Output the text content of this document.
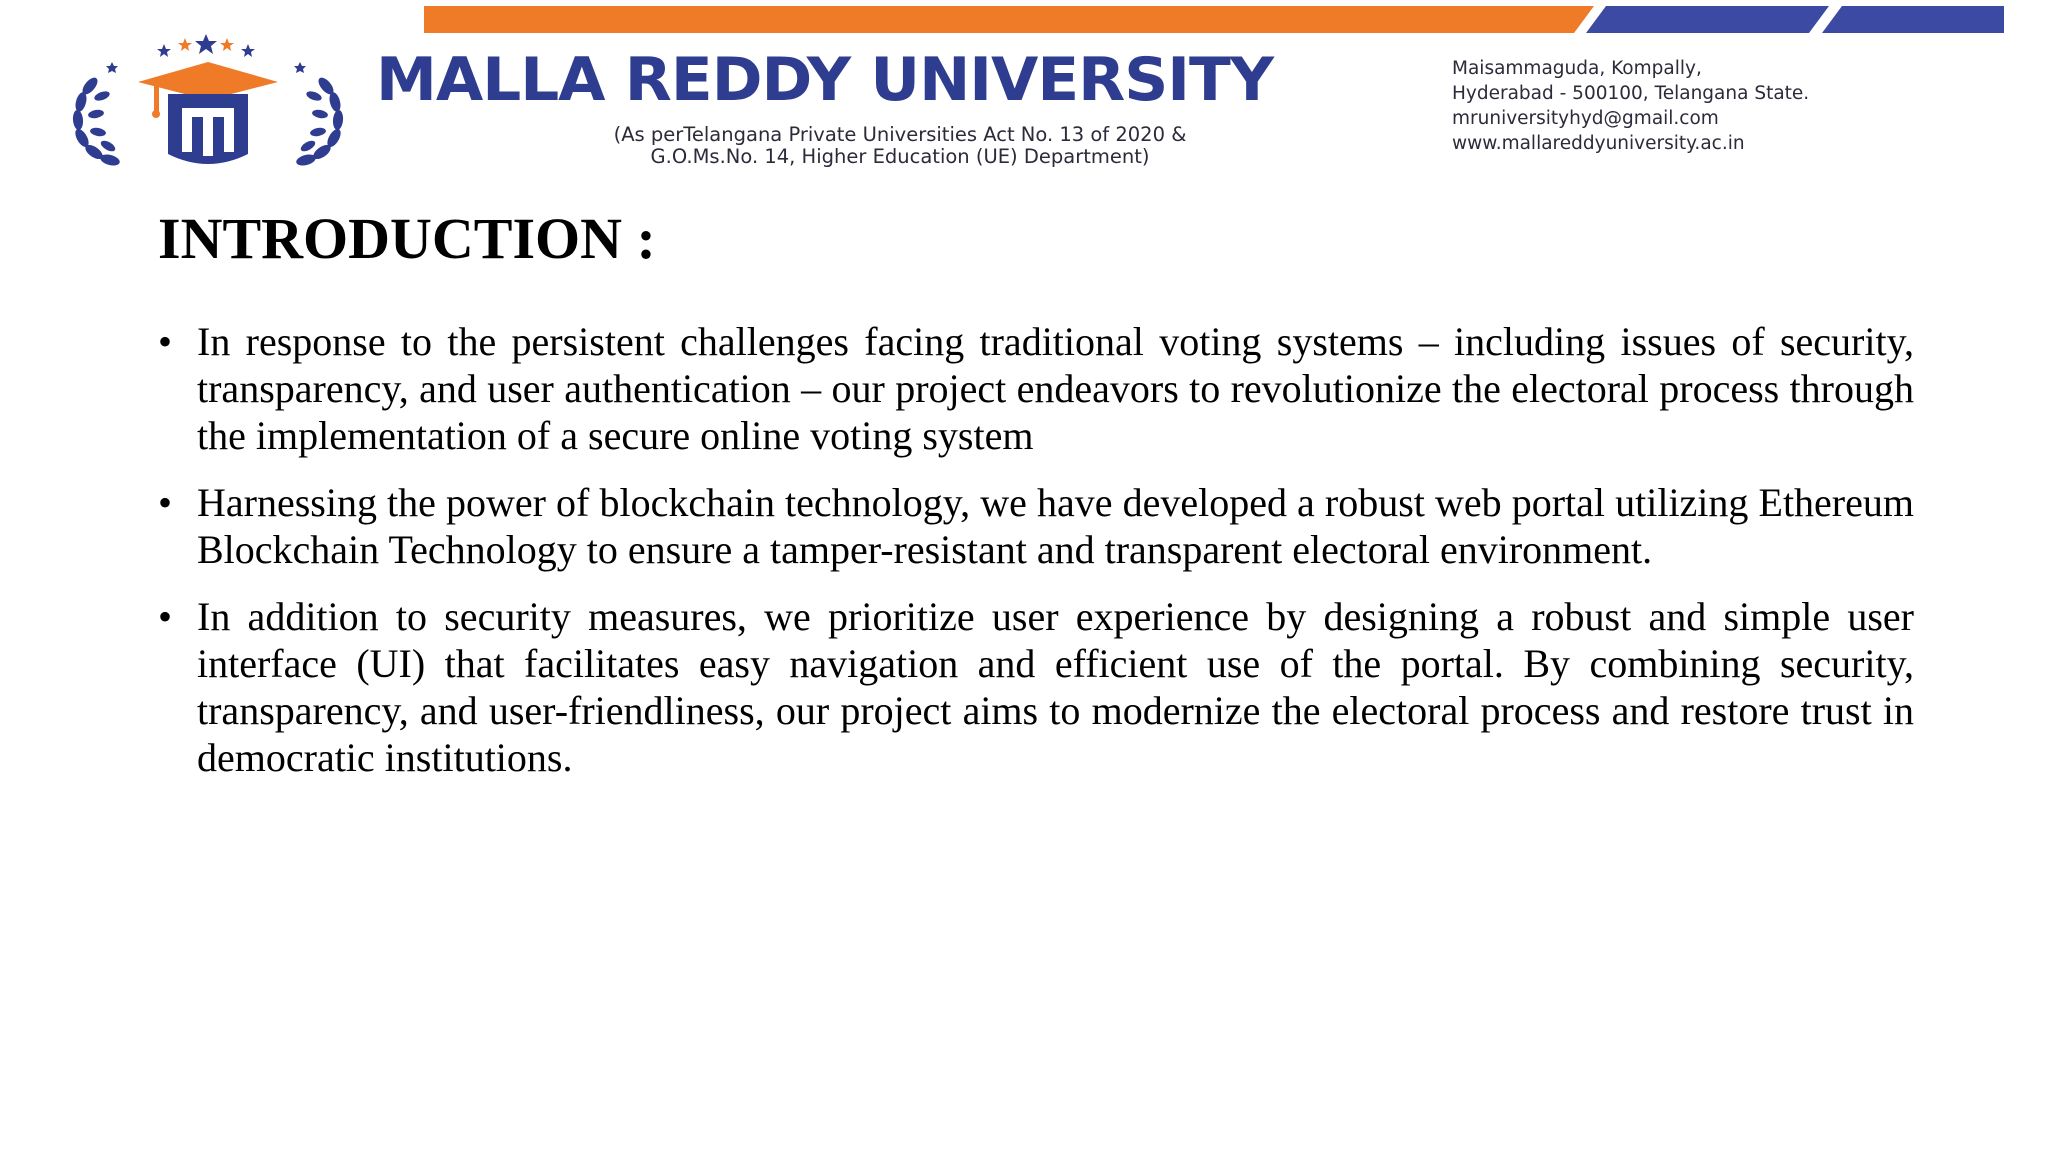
MALLA REDDY UNIVERSITY
(As perTelangana Private Universities Act No. 13 of 2020 &
G.O.Ms.No. 14, Higher Education (UE) Department)
Maisammaguda, Kompally,
Hyderabad - 500100, Telangana State.
mruniversityhyd@gmail.com
www.mallareddyuniversity.ac.in
INTRODUCTION :
• In response to the persistent challenges facing traditional voting systems – including issues of security, transparency, and user authentication – our project endeavors to revolutionize the electoral process through the implementation of a secure online voting system
• Harnessing the power of blockchain technology, we have developed a robust web portal utilizing Ethereum Blockchain Technology to ensure a tamper-resistant and transparent electoral environment.
• In addition to security measures, we prioritize user experience by designing a robust and simple user interface (UI) that facilitates easy navigation and efficient use of the portal. By combining security, transparency, and user-friendliness, our project aims to modernize the electoral process and restore trust in democratic institutions.
